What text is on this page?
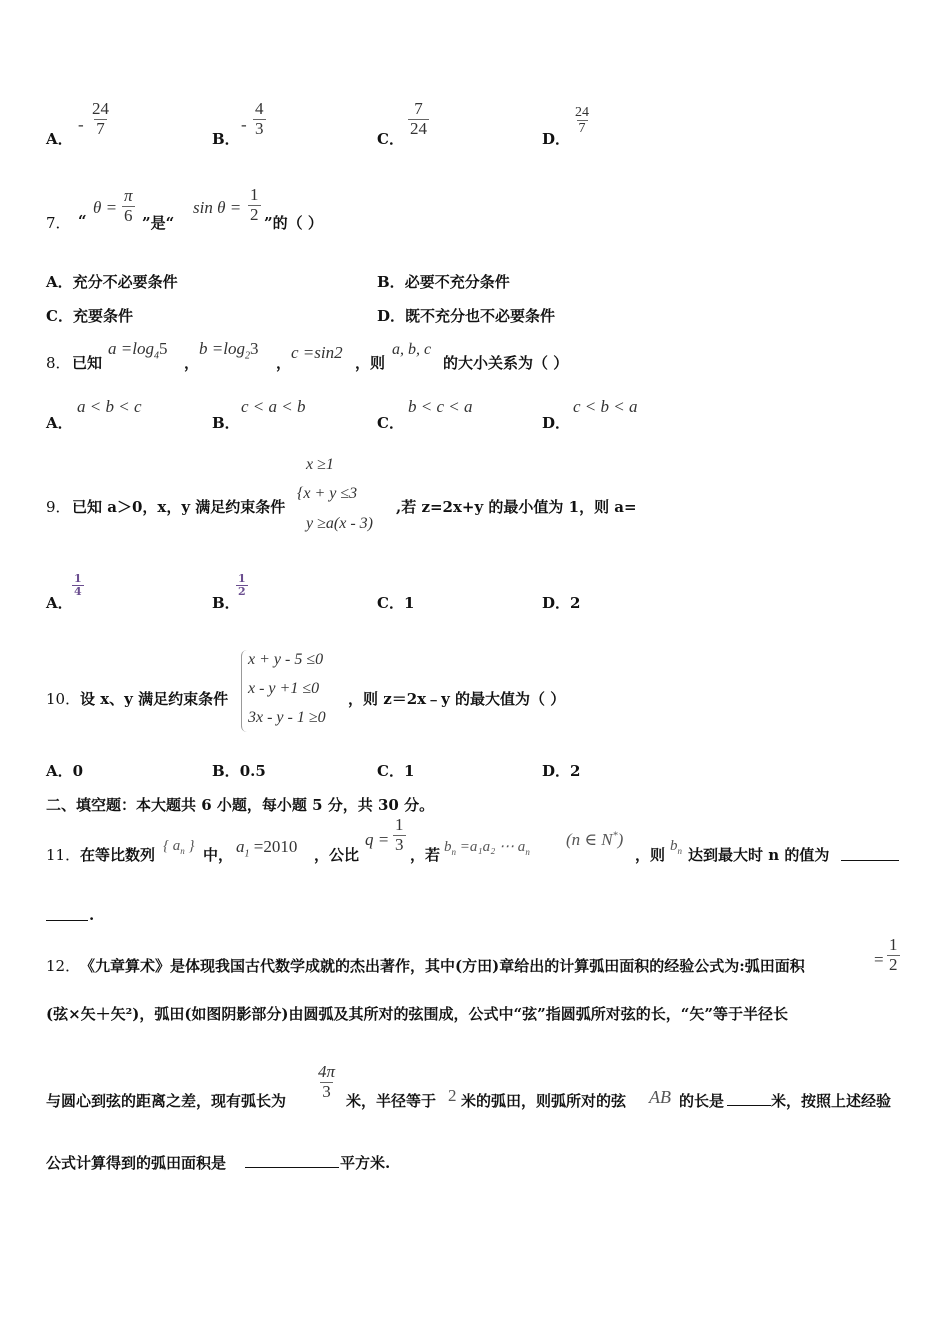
A．
- $\frac{24}{7}$
B．
- $\frac{4}{3}$
C．
$\frac{7}{24}$
D．
$\frac{24}{7}$
7． “
$\theta = \frac{\pi}{6}$ ”是“
$\sin \theta = \frac{1}{2}$ ”的（ ）
A．充分不必要条件	B．必要不充分条件
C．充要条件	D．既不充分也不必要条件
8． 已知
$a =\log_45$
，
$b =\log_23$
，
c =sin2
，则
a, b, c
的大小关系为（ ）
A．
a < b < c
B．
c < a < b
C．
b < c < a
D．
c < b < a
9． 已知 a＞0，x，y 满足约束条件
x ≥1
{x + y ≤3
y ≥a(x - 3)
,若 z=2x+y 的最小值为 1，则 a=
A．
$\frac{1}{4}$
B．
$\frac{1}{2}$
C．1	D．2
10． 设 x、y 满足约束条件
x + y - 5 ≤0
x - y +1 ≤0
3x - y - 1 ≥0
，则 z＝2x﹣y 的最大值为（ ）
A．0	B．0.5	C．1	D．2
二、填空题：本大题共 6 小题，每小题 5 分，共 30 分。
11． 在等比数列 { $a_n$ } 中， $a_1 =2010$ ，公比
$q = \frac{1}{3}$
，若 $b_n =a_1a_2$ ⋯ $a_n$
(n ∈ N*)
，则 $b_n$ 达到最大时 n 的值为
.
12． 《九章算术》是体现我国古代数学成就的杰出著作，其中(方田)章给出的计算弧田面积的经验公式为:弧田面积	= $\frac{1}{2}$
(弦×矢＋矢²)，弧田(如图阴影部分)由圆弧及其所对的弦围成，公式中“弦”指圆弧所对弦的长，“矢”等于半径长
与圆心到弦的距离之差，现有弧长为 $\frac{4\pi}{3}$ 米，半径等于 2 米的弧田，则弧所对的弦 AB 的长是	米，按照上述经验
公式计算得到的弧田面积是	平方米.
